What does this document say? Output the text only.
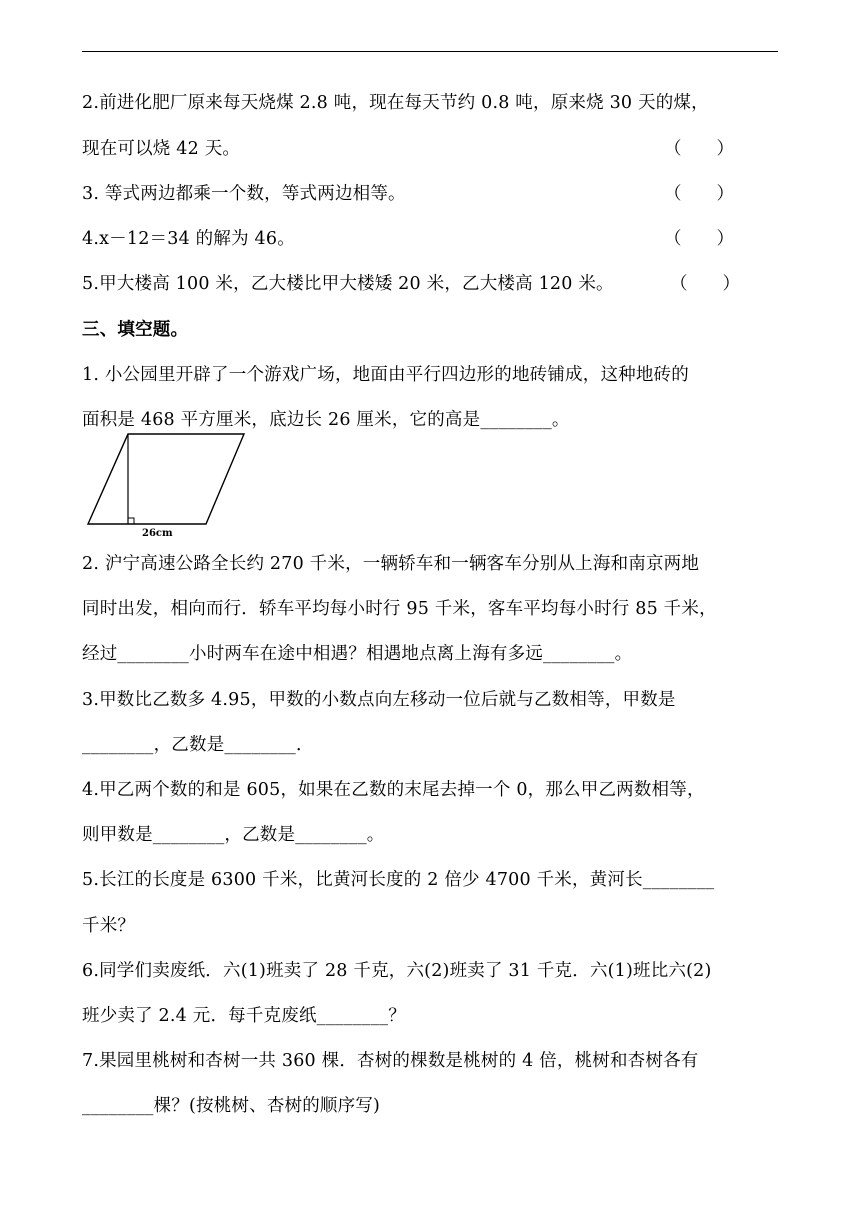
2.前进化肥厂原来每天烧煤 2.8 吨，现在每天节约 0.8 吨，原来烧 30 天的煤，
现在可以烧 42 天。	（　　）
3. 等式两边都乘一个数，等式两边相等。	（　　）
4.x－12＝34 的解为 46。	（　　）
5.甲大楼高 100 米，乙大楼比甲大楼矮 20 米，乙大楼高 120 米。	（　　）
三、填空题。
1. 小公园里开辟了一个游戏广场，地面由平行四边形的地砖铺成，这种地砖的
面积是 468 平方厘米，底边长 26 厘米，它的高是________。
26cm
2. 沪宁高速公路全长约 270 千米，一辆轿车和一辆客车分别从上海和南京两地
同时出发，相向而行．轿车平均每小时行 95 千米，客车平均每小时行 85 千米，
经过________小时两车在途中相遇？相遇地点离上海有多远________。
3.甲数比乙数多 4.95，甲数的小数点向左移动一位后就与乙数相等，甲数是
________，乙数是________．
4.甲乙两个数的和是 605，如果在乙数的末尾去掉一个 0，那么甲乙两数相等，
则甲数是________，乙数是________。
5.长江的长度是 6300 千米，比黄河长度的 2 倍少 4700 千米，黄河长________
千米？
6.同学们卖废纸．六(1)班卖了 28 千克，六(2)班卖了 31 千克．六(1)班比六(2)
班少卖了 2.4 元．每千克废纸________？
7.果园里桃树和杏树一共 360 棵．杏树的棵数是桃树的 4 倍，桃树和杏树各有
________棵？(按桃树、杏树的顺序写)
